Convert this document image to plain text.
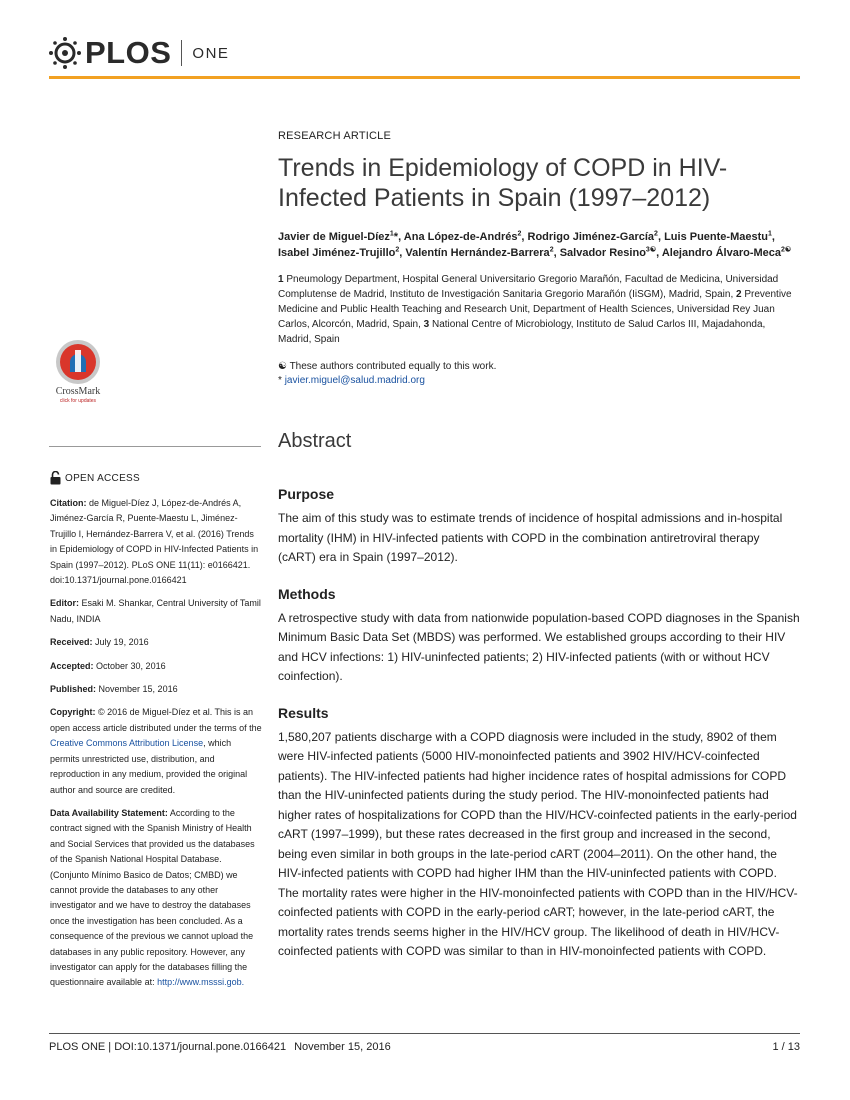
PLOS ONE
CrossMark
click for updates
OPEN ACCESS

Citation: de Miguel-Díez J, López-de-Andrés A, Jiménez-García R, Puente-Maestu L, Jiménez-Trujillo I, Hernández-Barrera V, et al. (2016) Trends in Epidemiology of COPD in HIV-Infected Patients in Spain (1997–2012). PLoS ONE 11(11): e0166421. doi:10.1371/journal.pone.0166421

Editor: Esaki M. Shankar, Central University of Tamil Nadu, INDIA

Received: July 19, 2016

Accepted: October 30, 2016

Published: November 15, 2016

Copyright: © 2016 de Miguel-Díez et al. This is an open access article distributed under the terms of the Creative Commons Attribution License, which permits unrestricted use, distribution, and reproduction in any medium, provided the original author and source are credited.

Data Availability Statement: According to the contract signed with the Spanish Ministry of Health and Social Services that provided us the databases of the Spanish National Hospital Database. (Conjunto Mínimo Basico de Datos; CMBD) we cannot provide the databases to any other investigator and we have to destroy the databases once the investigation has been concluded. As a consequence of the previous we cannot upload the databases in any public repository. However, any investigator can apply for the databases filling the questionnaire available at: http://www.msssi.gob.

RESEARCH ARTICLE
Trends in Epidemiology of COPD in HIV-Infected Patients in Spain (1997–2012)
Javier de Miguel-Díez$^1$*, Ana López-de-Andrés$^2$, Rodrigo Jiménez-García$^2$, Luis Puente-Maestu$^1$, Isabel Jiménez-Trujillo$^2$, Valentín Hernández-Barrera$^2$, Salvador Resino$^{3☯}$, Alejandro Álvaro-Meca$^{2☯}$
1 Pneumology Department, Hospital General Universitario Gregorio Marañón, Facultad de Medicina, Universidad Complutense de Madrid, Instituto de Investigación Sanitaria Gregorio Marañón (IiSGM), Madrid, Spain, 2 Preventive Medicine and Public Health Teaching and Research Unit, Department of Health Sciences, Universidad Rey Juan Carlos, Alcorcón, Madrid, Spain, 3 National Centre of Microbiology, Instituto de Salud Carlos III, Majadahonda, Madrid, Spain
☯ These authors contributed equally to this work.
* javier.miguel@salud.madrid.org
Abstract
Purpose

The aim of this study was to estimate trends of incidence of hospital admissions and in-hospital mortality (IHM) in HIV-infected patients with COPD in the combination antiretroviral therapy (cART) era in Spain (1997–2012).

Methods

A retrospective study with data from nationwide population-based COPD diagnoses in the Spanish Minimum Basic Data Set (MBDS) was performed. We established groups according to their HIV and HCV infections: 1) HIV-uninfected patients; 2) HIV-infected patients (with or without HCV coinfection).

Results

1,580,207 patients discharge with a COPD diagnosis were included in the study, 8902 of them were HIV-infected patients (5000 HIV-monoinfected patients and 3902 HIV/HCV-coinfected patients). The HIV-infected patients had higher incidence rates of hospital admissions for COPD than the HIV-uninfected patients during the study period. The HIV-monoinfected patients had higher rates of hospitalizations for COPD than the HIV/HCV-coinfected patients in the early-period cART (1997–1999), but these rates decreased in the first group and increased in the second, being even similar in both groups in the late-period cART (2004–2011). On the other hand, the HIV-infected patients with COPD had higher IHM than the HIV-uninfected patients with COPD. The mortality rates were higher in the HIV-monoinfected patients with COPD than in the HIV/HCV-coinfected patients with COPD in the early-period cART; however, in the late-period cART, the mortality rates trends seems higher in the HIV/HCV group. The likelihood of death in HIV/HCV-coinfected patients with COPD was similar to than in HIV-monoinfected patients with COPD.

PLOS ONE | DOI:10.1371/journal.pone.0166421 November 15, 2016	1 / 13
